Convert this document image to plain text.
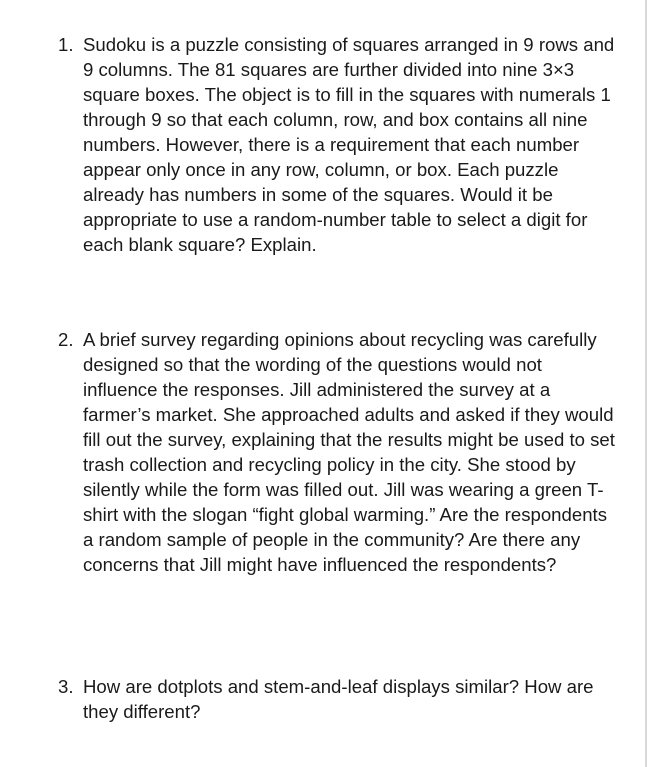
1. Sudoku is a puzzle consisting of squares arranged in 9 rows and 9 columns. The 81 squares are further divided into nine 3×3 square boxes. The object is to fill in the squares with numerals 1 through 9 so that each column, row, and box contains all nine numbers. However, there is a requirement that each number appear only once in any row, column, or box. Each puzzle already has numbers in some of the squares. Would it be appropriate to use a random-number table to select a digit for each blank square? Explain.
2. A brief survey regarding opinions about recycling was carefully designed so that the wording of the questions would not influence the responses. Jill administered the survey at a farmer’s market. She approached adults and asked if they would fill out the survey, explaining that the results might be used to set trash collection and recycling policy in the city. She stood by silently while the form was filled out. Jill was wearing a green T-shirt with the slogan “fight global warming.” Are the respondents a random sample of people in the community? Are there any concerns that Jill might have influenced the respondents?
3. How are dotplots and stem-and-leaf displays similar? How are they different?
